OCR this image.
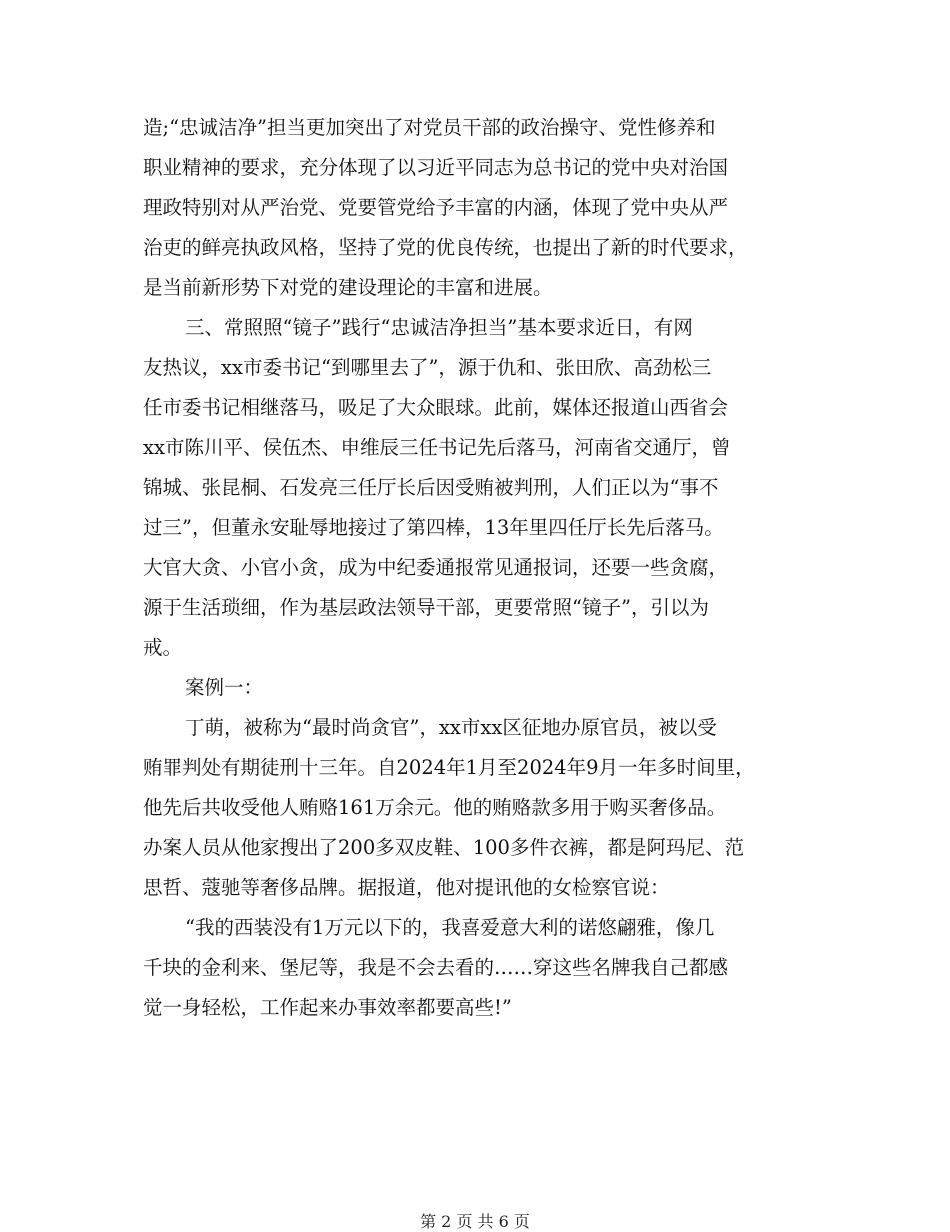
造;“忠诚洁净”担当更加突出了对党员干部的政治操守、党性修养和
职业精神的要求，充分体现了以习近平同志为总书记的党中央对治国
理政特别对从严治党、党要管党给予丰富的内涵，体现了党中央从严
治吏的鲜亮执政风格，坚持了党的优良传统，也提出了新的时代要求，
是当前新形势下对党的建设理论的丰富和进展。
三、常照照“镜子”践行“忠诚洁净担当”基本要求近日，有网
友热议，xx市委书记“到哪里去了”，源于仇和、张田欣、高劲松三
任市委书记相继落马，吸足了大众眼球。此前，媒体还报道山西省会
xx市陈川平、侯伍杰、申维辰三任书记先后落马，河南省交通厅，曾
锦城、张昆桐、石发亮三任厅长后因受贿被判刑，人们正以为“事不
过三”，但董永安耻辱地接过了第四棒，13年里四任厅长先后落马。
大官大贪、小官小贪，成为中纪委通报常见通报词，还要一些贪腐，
源于生活琐细，作为基层政法领导干部，更要常照“镜子”，引以为
戒。
案例一：
丁萌，被称为“最时尚贪官”，xx市xx区征地办原官员，被以受
贿罪判处有期徒刑十三年。自2024年1月至2024年9月一年多时间里，
他先后共收受他人贿赂161万余元。他的贿赂款多用于购买奢侈品。
办案人员从他家搜出了200多双皮鞋、100多件衣裤，都是阿玛尼、范
思哲、蔻驰等奢侈品牌。据报道，他对提讯他的女检察官说：
“我的西装没有1万元以下的，我喜爱意大利的诺悠翩雅，像几
千块的金利来、堡尼等，我是不会去看的……穿这些名牌我自己都感
觉一身轻松，工作起来办事效率都要高些!”
第 2 页 共 6 页
